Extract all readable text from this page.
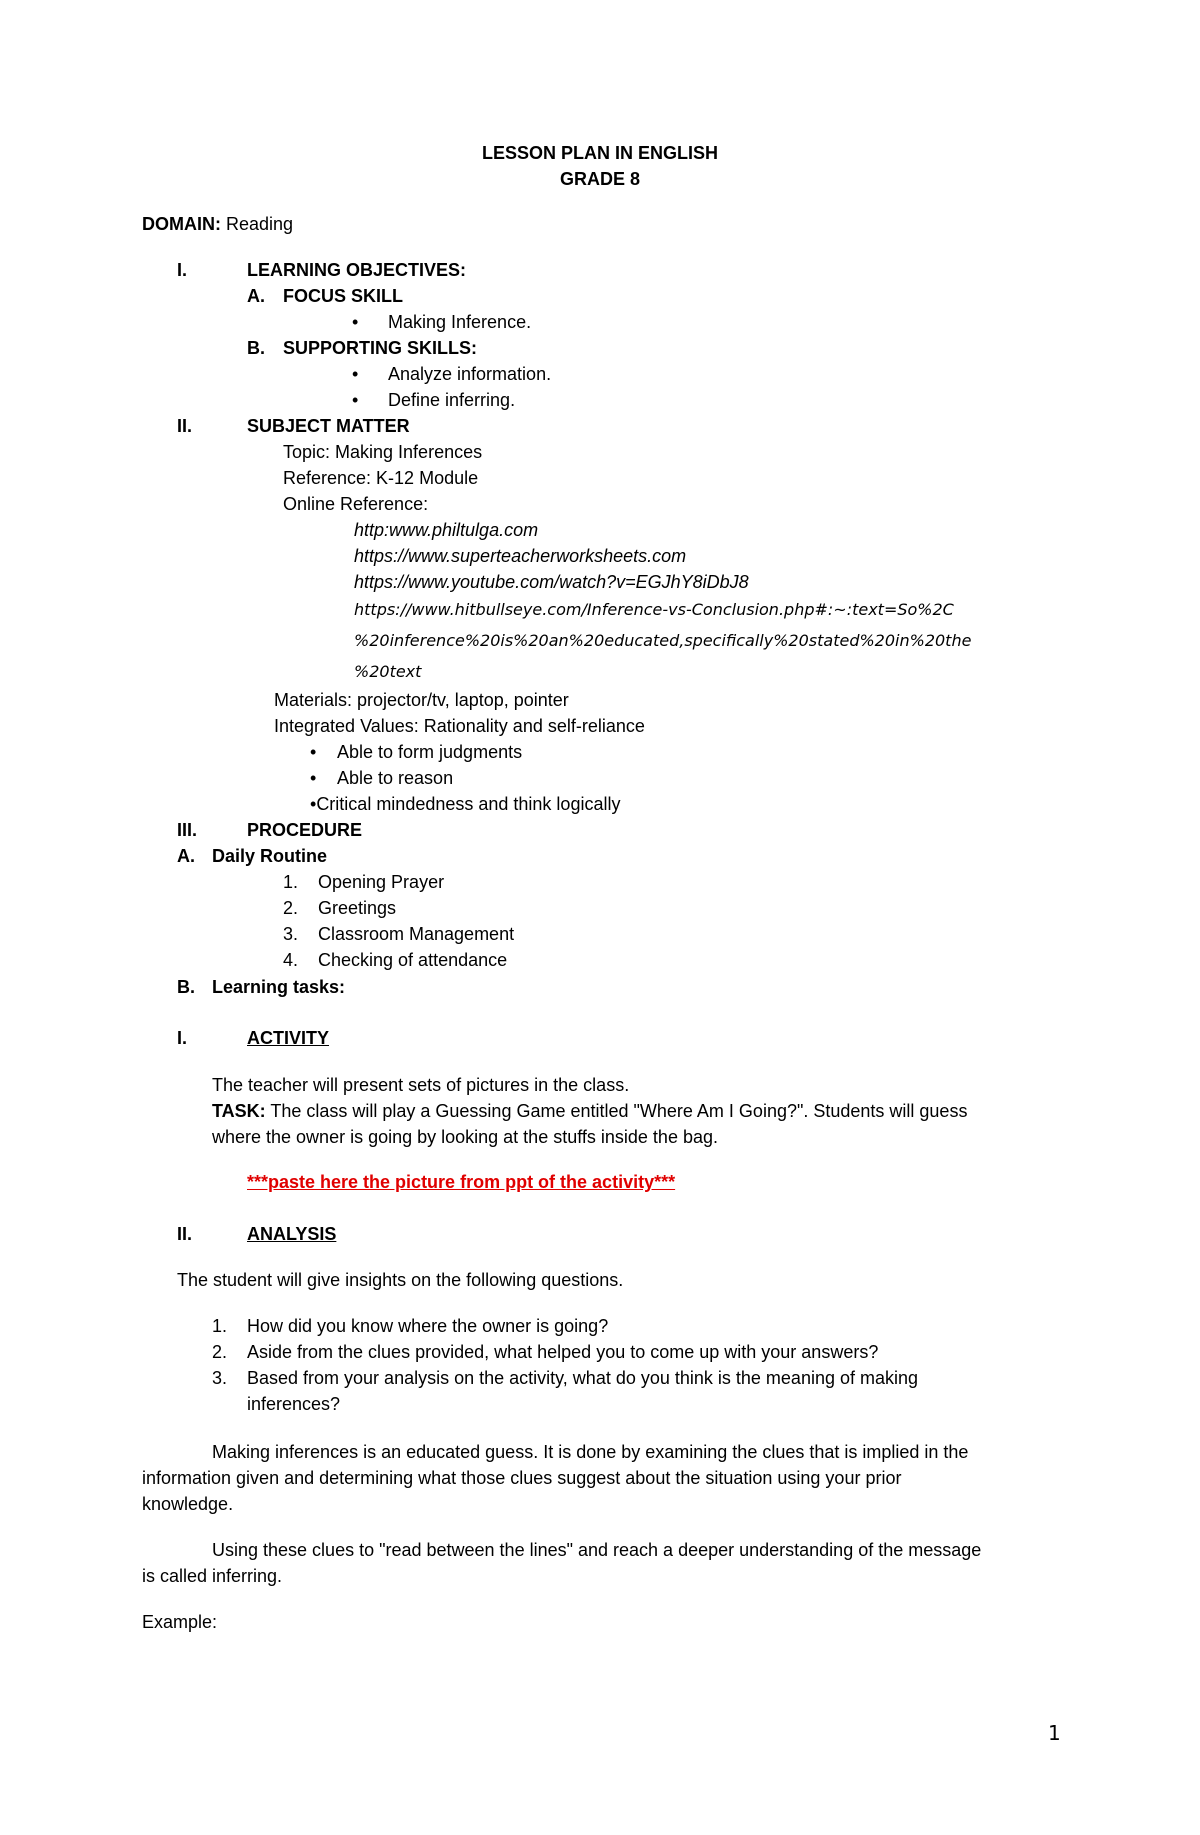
LESSON PLAN IN ENGLISH
GRADE 8
DOMAIN: Reading
I.	LEARNING OBJECTIVES:
A. FOCUS SKILL
• Making Inference.
B. SUPPORTING SKILLS:
• Analyze information.
• Define inferring.
II.	SUBJECT MATTER
Topic: Making Inferences
Reference: K-12 Module
Online Reference:
http:www.philtulga.com
https://www.superteacherworksheets.com
https://www.youtube.com/watch?v=EGJhY8iDbJ8
https://www.hitbullseye.com/Inference-vs-Conclusion.php#:~:text=So%2C
%20inference%20is%20an%20educated,specifically%20stated%20in%20the
%20text
Materials: projector/tv, laptop, pointer
Integrated Values: Rationality and self-reliance
• Able to form judgments
• Able to reason
•Critical mindedness and think logically
III.	PROCEDURE
A. Daily Routine
1. Opening Prayer
2. Greetings
3. Classroom Management
4. Checking of attendance
B. Learning tasks:
I.	ACTIVITY
The teacher will present sets of pictures in the class.
TASK: The class will play a Guessing Game entitled "Where Am I Going?". Students will guess
where the owner is going by looking at the stuffs inside the bag.
***paste here the picture from ppt of the activity***
II.	ANALYSIS
The student will give insights on the following questions.
1. How did you know where the owner is going?
2. Aside from the clues provided, what helped you to come up with your answers?
3. Based from your analysis on the activity, what do you think is the meaning of making
inferences?
Making inferences is an educated guess. It is done by examining the clues that is implied in the
information given and determining what those clues suggest about the situation using your prior
knowledge.
Using these clues to "read between the lines" and reach a deeper understanding of the message
is called inferring.
Example:
1
